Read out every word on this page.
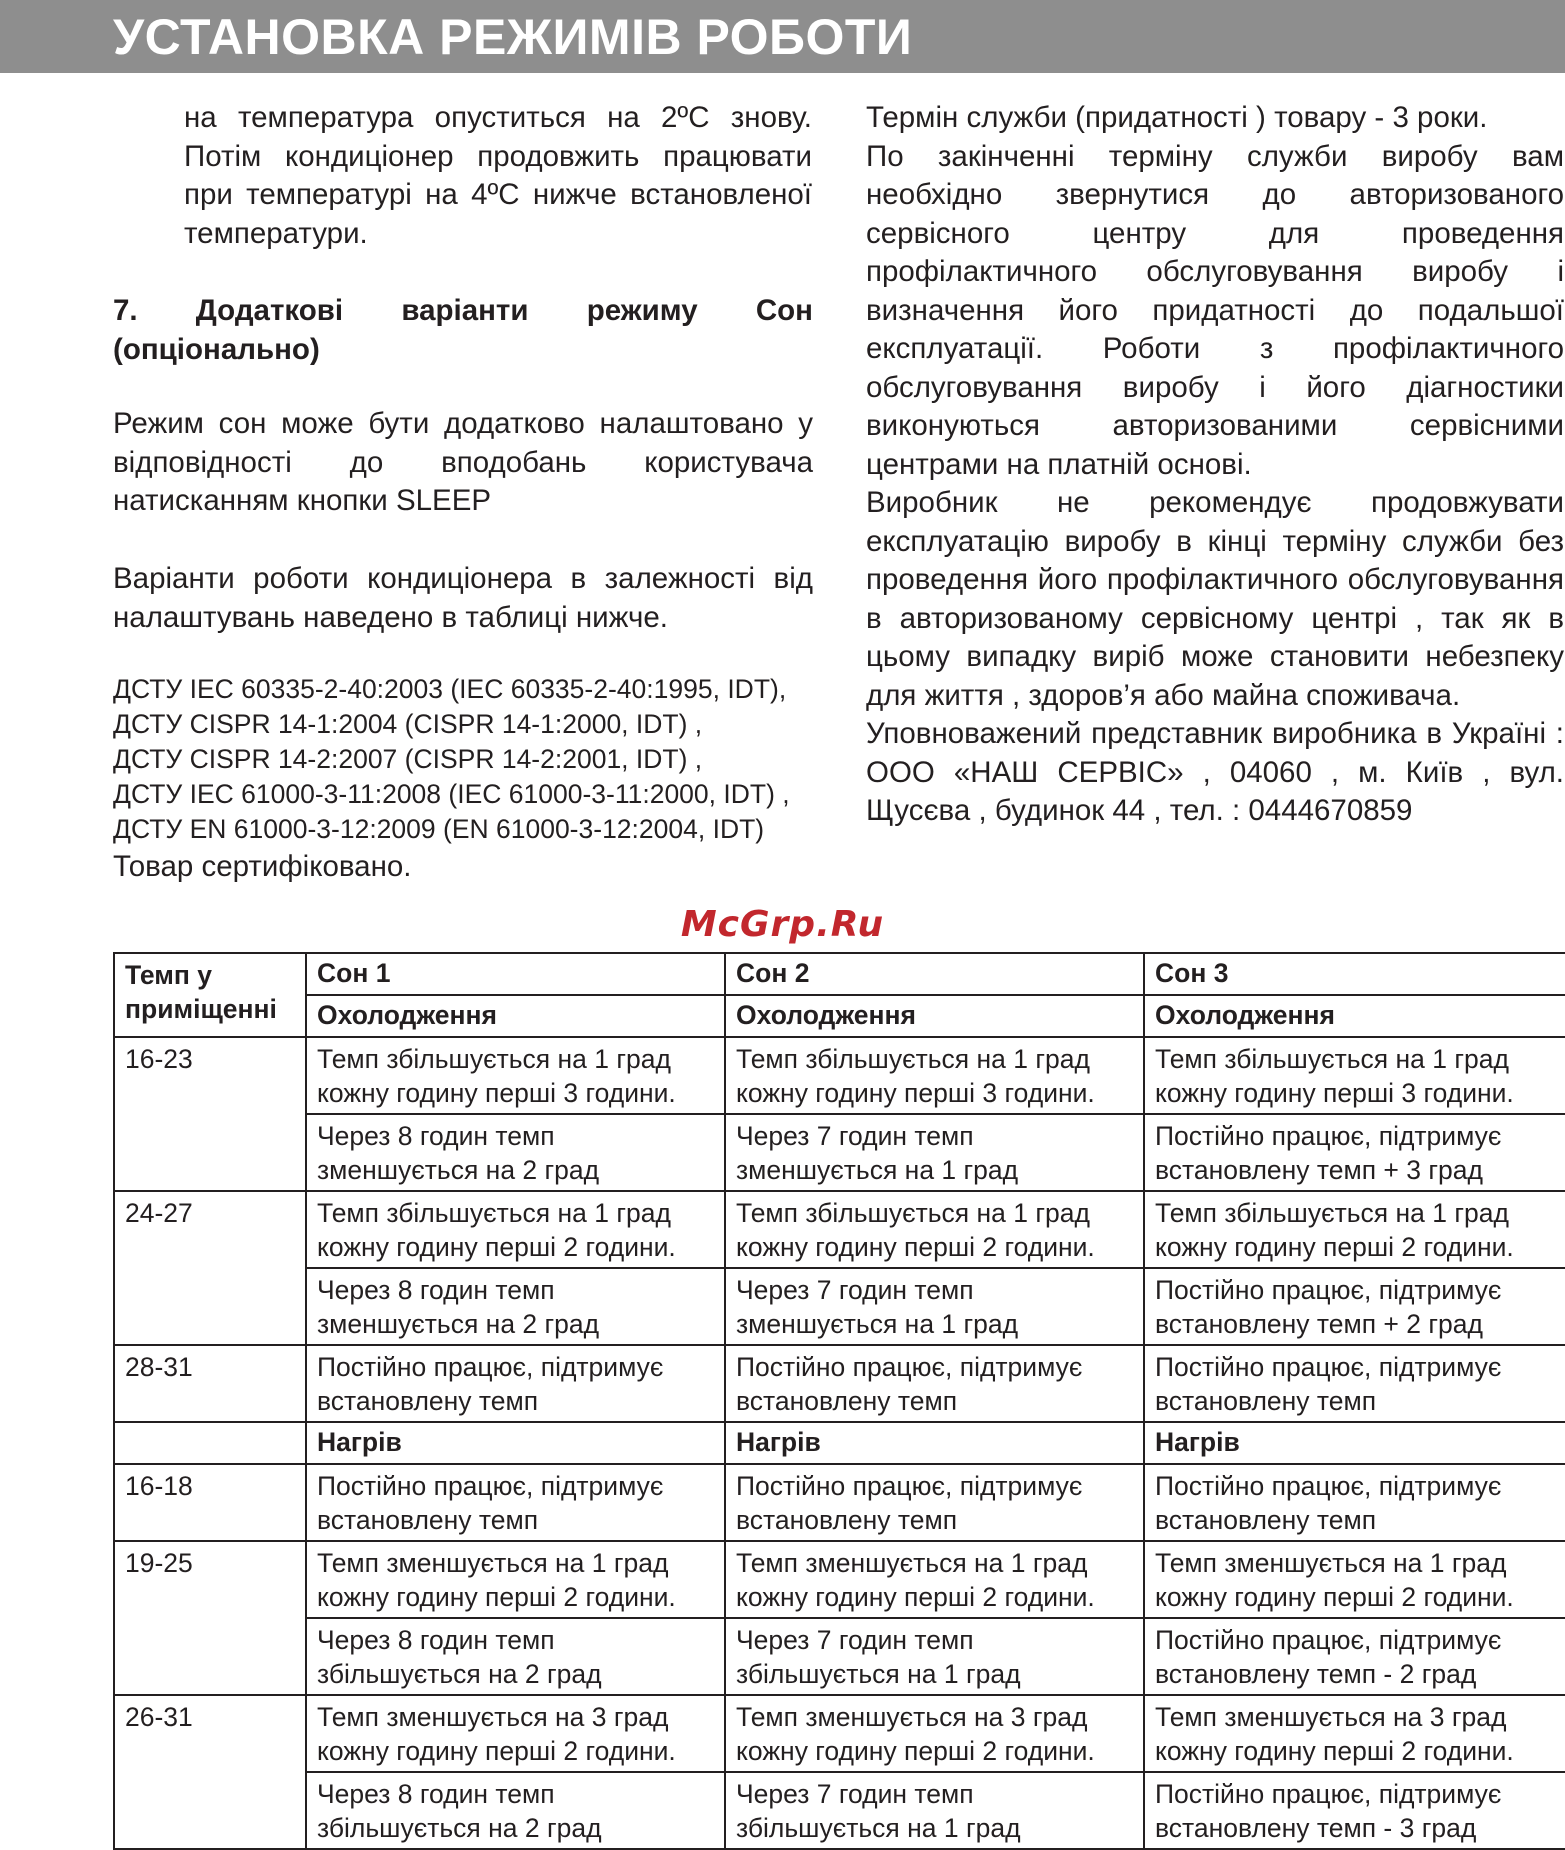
УСТАНОВКА РЕЖИМІВ РОБОТИ
на температура опуститься на 2ºC знову. Потім кондиціонер продовжить працювати при температурі на 4ºC нижче встановленої температури.
7. Додаткові варіанти режиму Сон (опціонально)
Режим сон може бути додатково налаштовано у відповідності до вподобань користувача натисканням кнопки SLEEP
Варіанти роботи кондиціонера в залежності від налаштувань наведено в таблиці нижче.
ДСТУ IEC 60335-2-40:2003 (IEC 60335-2-40:1995, IDT),
ДСТУ CISPR 14-1:2004 (CISPR 14-1:2000, IDT) ,
ДСТУ CISPR 14-2:2007 (CISPR 14-2:2001, IDT) ,
ДСТУ IEC 61000-3-11:2008 (IEC 61000-3-11:2000, IDT) ,
ДСТУ EN 61000-3-12:2009 (EN 61000-3-12:2004, IDT)
Товар сертифіковано.

Термін служби (придатності ) товару - 3 роки.

По закінченні терміну служби виробу вам необхідно звернутися до авторизованого сервісного центру для проведення профілактичного обслуговування виробу і визначення його придатності до подальшої експлуатації. Роботи з профілактичного обслуговування виробу і його діагностики виконуються авторизованими сервісними центрами на платній основі.

Виробник не рекомендує продовжувати експлуатацію виробу в кінці терміну служби без проведення його профілактичного обслуговування в авторизованому сервісному центрі , так як в цьому випадку виріб може становити небезпеку для життя , здоров’я або майна споживача.

Уповноважений представник виробника в Україні : ООО «НАШ СЕРВІС» , 04060 , м. Київ , вул. Щусєва , будинок 44 , тел. : 0444670859

McGrp.Ru
Темп у приміщенні	Сон 1	Сон 2	Сон 3
	Охолодження	Охолодження	Охолодження
16-23	Темп збільшується на 1 град кожну годину перші 3 години.	Темп збільшується на 1 град кожну годину перші 3 години.	Темп збільшується на 1 град кожну годину перші 3 години.
	Через 8 годин темп зменшується на 2 град	Через 7 годин темп зменшується на 1 град	Постійно працює, підтримує встановлену темп + 3 град
24-27	Темп збільшується на 1 град кожну годину перші 2 години.	Темп збільшується на 1 град кожну годину перші 2 години.	Темп збільшується на 1 град кожну годину перші 2 години.
	Через 8 годин темп зменшується на 2 град	Через 7 годин темп зменшується на 1 град	Постійно працює, підтримує встановлену темп + 2 град
28-31	Постійно працює, підтримує встановлену темп	Постійно працює, підтримує встановлену темп	Постійно працює, підтримує встановлену темп
	Нагрів	Нагрів	Нагрів
16-18	Постійно працює, підтримує встановлену темп	Постійно працює, підтримує встановлену темп	Постійно працює, підтримує встановлену темп
19-25	Темп зменшується на 1 град кожну годину перші 2 години.	Темп зменшується на 1 град кожну годину перші 2 години.	Темп зменшується на 1 град кожну годину перші 2 години.
	Через 8 годин темп збільшується на 2 град	Через 7 годин темп збільшується на 1 град	Постійно працює, підтримує встановлену темп - 2 град
26-31	Темп зменшується на 3 град кожну годину перші 2 години.	Темп зменшується на 3 град кожну годину перші 2 години.	Темп зменшується на 3 град кожну годину перші 2 години.
	Через 8 годин темп збільшується на 2 град	Через 7 годин темп збільшується на 1 град	Постійно працює, підтримує встановлену темп - 3 град
